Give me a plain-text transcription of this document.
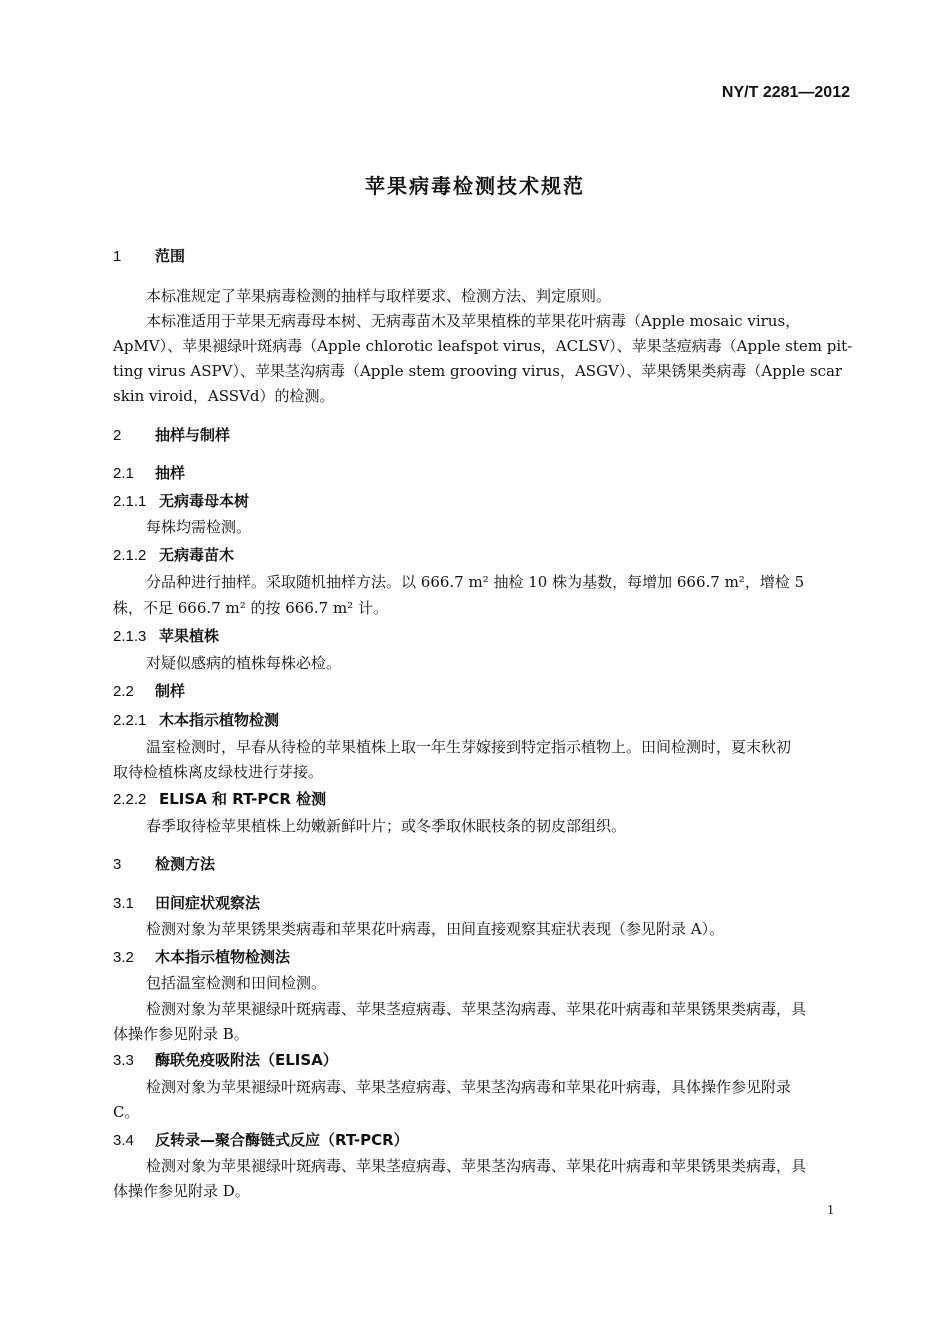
NY/T 2281—2012
苹果病毒检测技术规范
1 范围
本标准规定了苹果病毒检测的抽样与取样要求、检测方法、判定原则。
本标准适用于苹果无病毒母本树、无病毒苗木及苹果植株的苹果花叶病毒（Apple mosaic virus，
ApMV）、苹果褪绿叶斑病毒（Apple chlorotic leafspot virus，ACLSV）、苹果茎痘病毒（Apple stem pit-
ting virus ASPV）、苹果茎沟病毒（Apple stem grooving virus，ASGV）、苹果锈果类病毒（Apple scar
skin viroid，ASSVd）的检测。
2 抽样与制样
2.1 抽样
2.1.1 无病毒母本树
每株均需检测。
2.1.2 无病毒苗木
分品种进行抽样。采取随机抽样方法。以 666.7 m² 抽检 10 株为基数，每增加 666.7 m²，增检 5
株，不足 666.7 m² 的按 666.7 m² 计。
2.1.3 苹果植株
对疑似感病的植株每株必检。
2.2 制样
2.2.1 木本指示植物检测
温室检测时，早春从待检的苹果植株上取一年生芽嫁接到特定指示植物上。田间检测时，夏末秋初
取待检植株离皮绿枝进行芽接。
2.2.2 ELISA 和 RT-PCR 检测
春季取待检苹果植株上幼嫩新鲜叶片；或冬季取休眠枝条的韧皮部组织。
3 检测方法
3.1 田间症状观察法
检测对象为苹果锈果类病毒和苹果花叶病毒，田间直接观察其症状表现（参见附录 A）。
3.2 木本指示植物检测法
包括温室检测和田间检测。
检测对象为苹果褪绿叶斑病毒、苹果茎痘病毒、苹果茎沟病毒、苹果花叶病毒和苹果锈果类病毒，具
体操作参见附录 B。
3.3 酶联免疫吸附法（ELISA）
检测对象为苹果褪绿叶斑病毒、苹果茎痘病毒、苹果茎沟病毒和苹果花叶病毒，具体操作参见附录
C。
3.4 反转录—聚合酶链式反应（RT-PCR）
检测对象为苹果褪绿叶斑病毒、苹果茎痘病毒、苹果茎沟病毒、苹果花叶病毒和苹果锈果类病毒，具
体操作参见附录 D。
1
